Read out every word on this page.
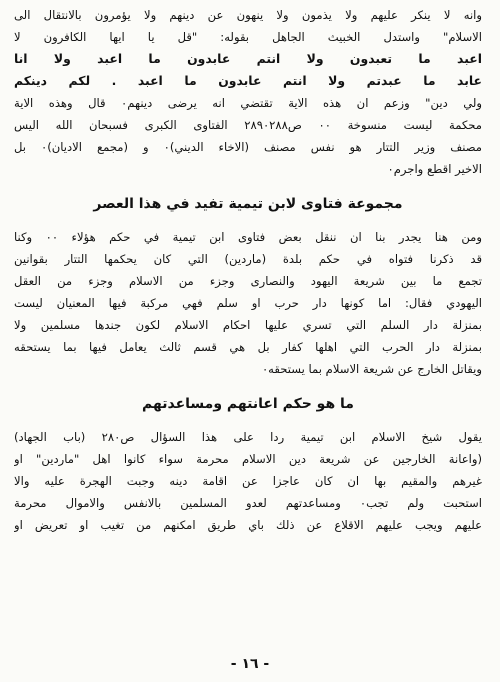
وانه لا ينكر عليهم ولا يذمون ولا ينهون عن دينهم ولا يؤمرون بالانتقال الى
الاسلام" واستدل الخبيث الجاهل بقوله: "قل يا ايها الكافرون لا
اعبد ما تعبدون ولا انتم عابدون ما اعبد ولا انا
عابد ما عبدتم ولا انتم عابدون ما اعبد . لكم دينكم
ولي دين" وزعم ان هذه الاية تقتضي انه يرضى دينهم٠ قال وهذه الاية
محكمة ليست منسوخة ٠٠ ص٢٨٩٠٢٨٨ الفتاوى الكبرى فسبحان الله اليس
مصنف وزير التتار هو نفس مصنف (الاخاء الديني)٠ و (مجمع الاديان)٠ بل
الاخير اقطع واجرم٠
مجموعة فتاوى لابن تيمية تفيد في هذا العصر
ومن هنا يجدر بنا ان ننقل بعض فتاوى ابن تيمية في حكم هؤلاء ٠٠ وكنا
قد ذكرنا فتواه في حكم بلدة (ماردين) التي كان يحكمها التتار بقوانين
تجمع ما بين شريعة اليهود والنصارى وجزء من الاسلام وجزء من العقل
اليهودي فقال: اما كونها دار حرب او سلم فهي مركبة فيها المعنيان ليست
بمنزلة دار السلم التي تسري عليها احكام الاسلام لكون جندها مسلمين ولا
بمنزلة دار الحرب التي اهلها كفار بل هي قسم ثالث يعامل فيها بما يستحقه
ويقاتل الخارج عن شريعة الاسلام بما يستحقه٠
ما هو حكم اعانتهم ومساعدتهم
يقول شيخ الاسلام ابن تيمية ردا على هذا السؤال ص٢٨٠ (باب الجهاد)
(واعانة الخارجين عن شريعة دين الاسلام محرمة سواء كانوا اهل "ماردين" او
غيرهم والمقيم بها ان كان عاجزا عن اقامة دينه وجبت الهجرة عليه والا
استحبت ولم تجب٠ ومساعدتهم لعدو المسلمين بالانفس والاموال محرمة
عليهم ويجب عليهم الاقلاع عن ذلك باي طريق امكنهم من تغيب او تعريض او
- ١٦ -
